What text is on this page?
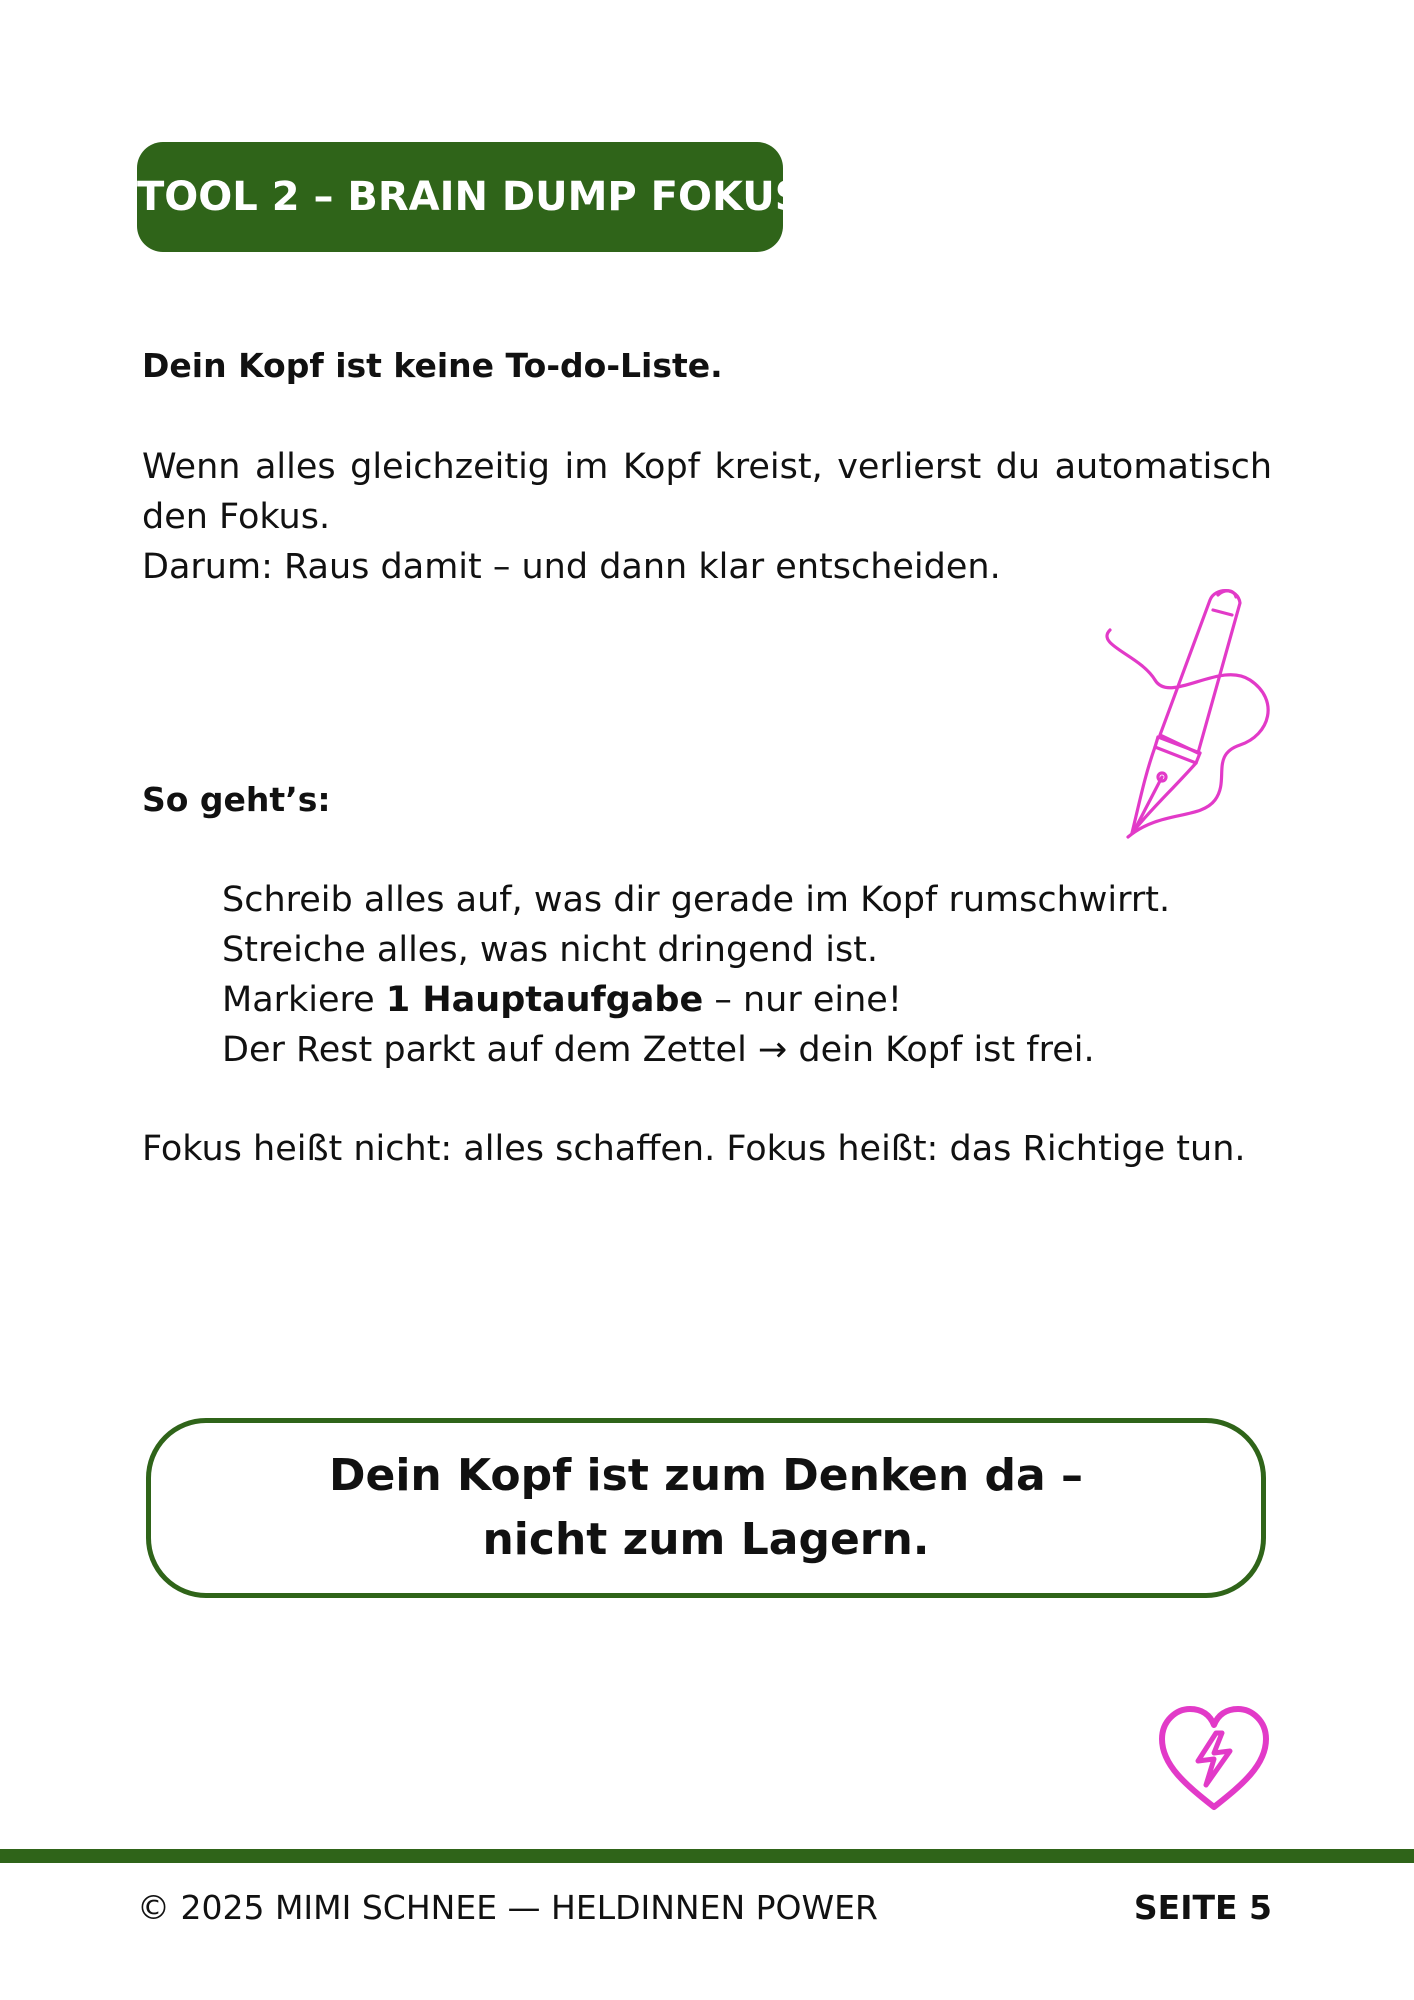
TOOL 2 – BRAIN DUMP FOKUS
Dein Kopf ist keine To-do-Liste.

Wenn alles gleichzeitig im Kopf kreist, verlierst du automatisch den Fokus.

Darum: Raus damit – und dann klar entscheiden.

So geht’s:
Schreib alles auf, was dir gerade im Kopf rumschwirrt.
Streiche alles, was nicht dringend ist.
Markiere 1 Hauptaufgabe – nur eine!
Der Rest parkt auf dem Zettel → dein Kopf ist frei.
Fokus heißt nicht: alles schaffen. Fokus heißt: das Richtige tun.
Dein Kopf ist zum Denken da –
nicht zum Lagern.
© 2025 MIMI SCHNEE — HELDINNEN POWER	SEITE 5
